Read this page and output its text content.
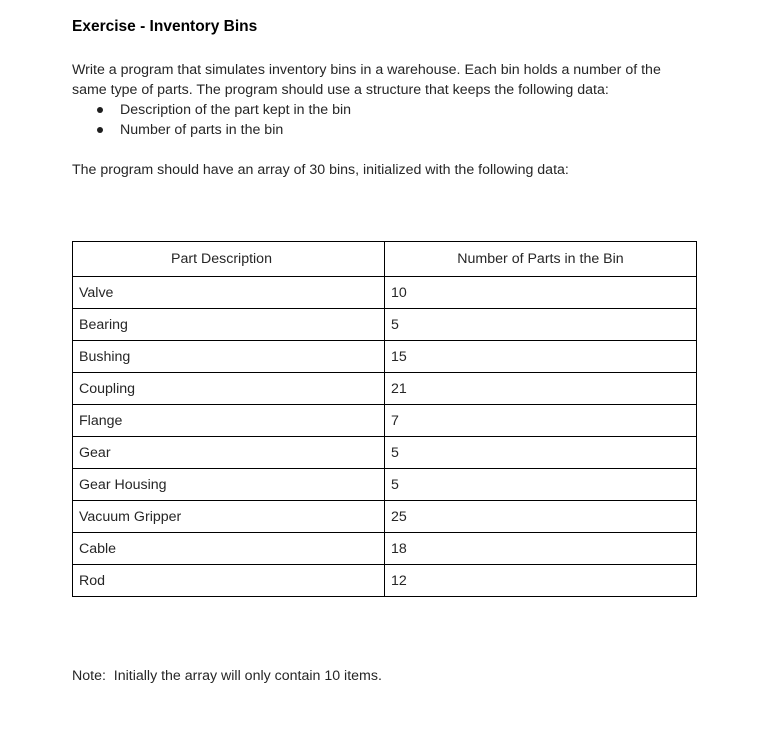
Exercise - Inventory Bins
Write a program that simulates inventory bins in a warehouse. Each bin holds a number of the same type of parts. The program should use a structure that keeps the following data:
Description of the part kept in the bin
Number of parts in the bin
The program should have an array of 30 bins, initialized with the following data:
Part Description	Number of Parts in the Bin
Valve	10
Bearing	5
Bushing	15
Coupling	21
Flange	7
Gear	5
Gear Housing	5
Vacuum Gripper	25
Cable	18
Rod	12
Note:  Initially the array will only contain 10 items.
